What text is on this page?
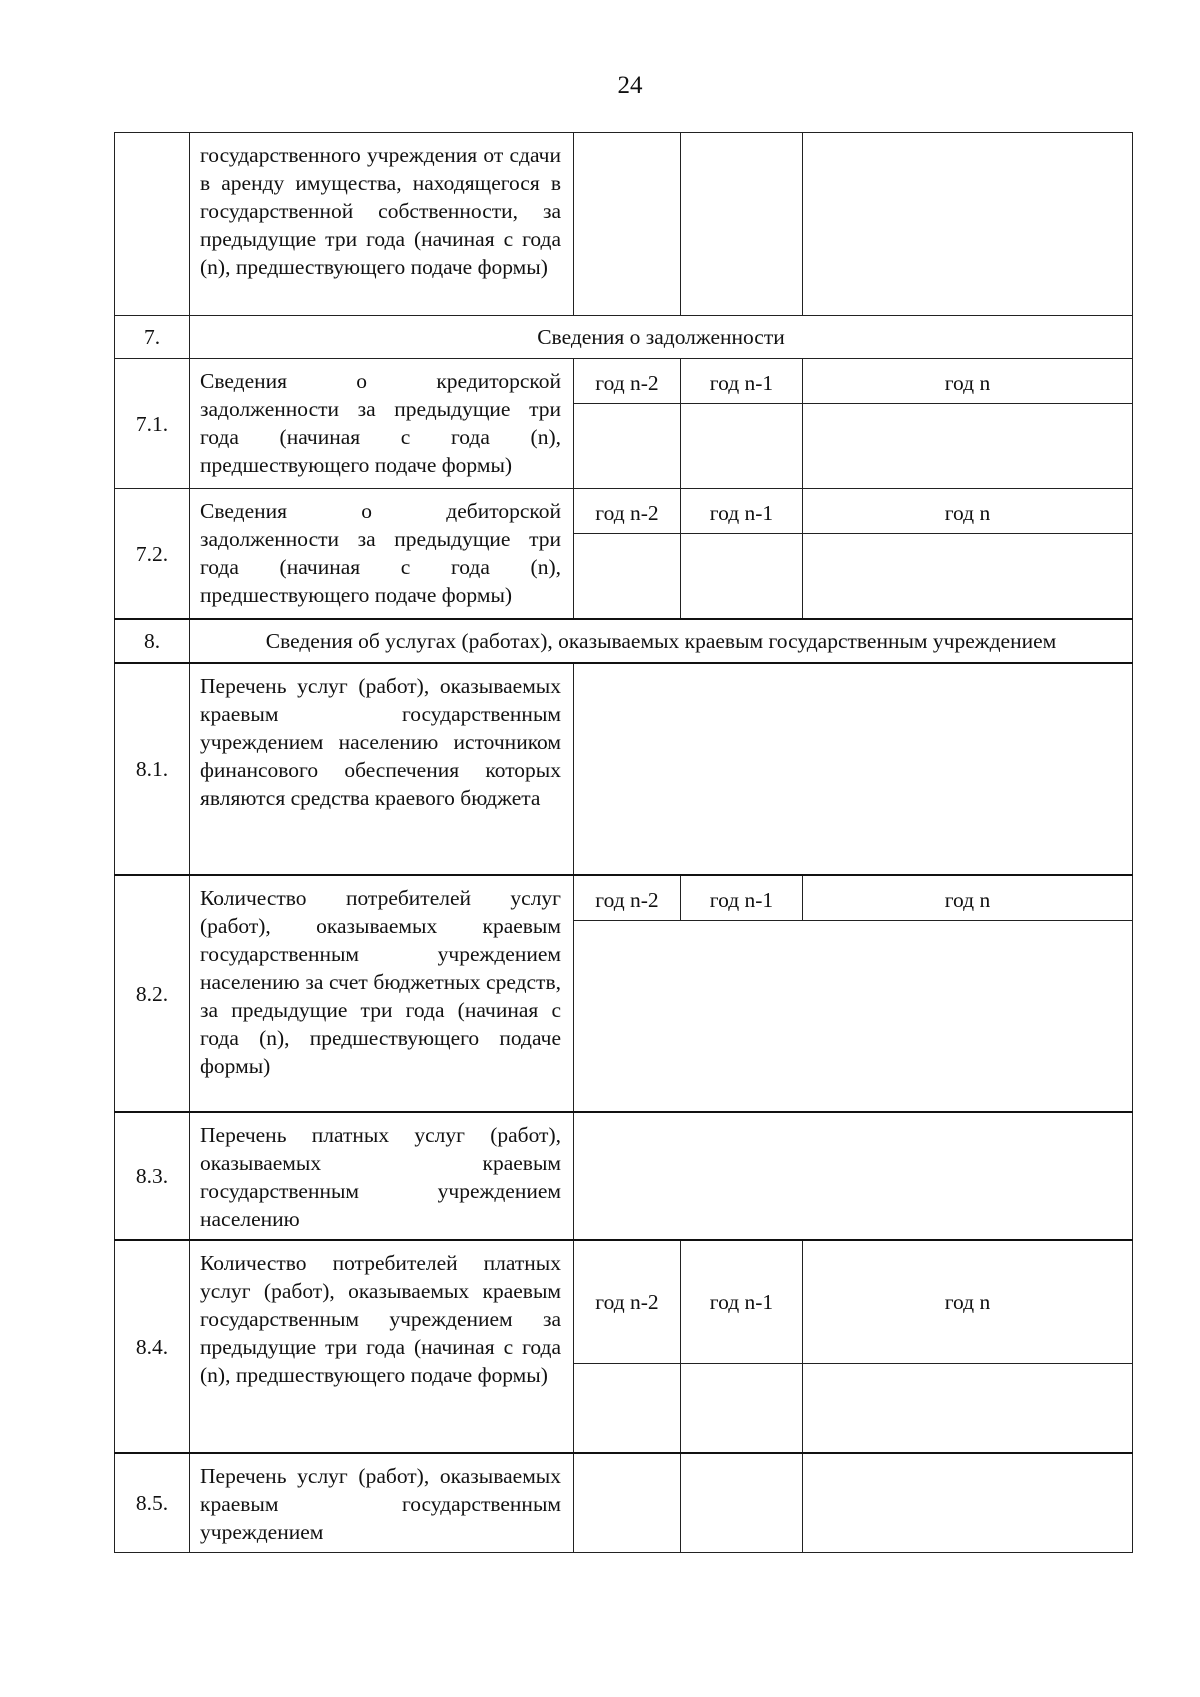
24

	государственного учреждения от сдачи в аренду имущества, находящегося в государственной собственности, за предыдущие три года (начиная с года (n), предшествующего подаче формы)			

7.	Сведения о задолженности			
7.1.	Сведения о кредиторской задолженности за предыдущие три года (начиная с года (n), предшествующего подаче формы)	год n-2	год n-1	год n

7.2.	Сведения о дебиторской задолженности за предыдущие три года (начиная с года (n), предшествующего подаче формы)	год n-2	год n-1	год n

8.	Сведения об услугах (работах), оказываемых краевым государственным учреждением			
8.1.	Перечень услуг (работ), оказываемых краевым государственным учреждением населению источником финансового обеспечения которых являются средства краевого бюджета			

8.2.	Количество потребителей услуг (работ), оказываемых краевым государственным учреждением населению за счет бюджетных средств, за предыдущие три года (начиная с года (n), предшествующего подаче формы)	год n-2	год n-1	год n

8.3.	Перечень платных услуг (работ), оказываемых краевым государственным учреждением населению			

8.4.	Количество потребителей платных услуг (работ), оказываемых краевым государственным учреждением за предыдущие три года (начиная с года (n), предшествующего подаче формы)	год n-2	год n-1	год n

8.5.	Перечень услуг (работ), оказываемых краевым государственным учреждением			
